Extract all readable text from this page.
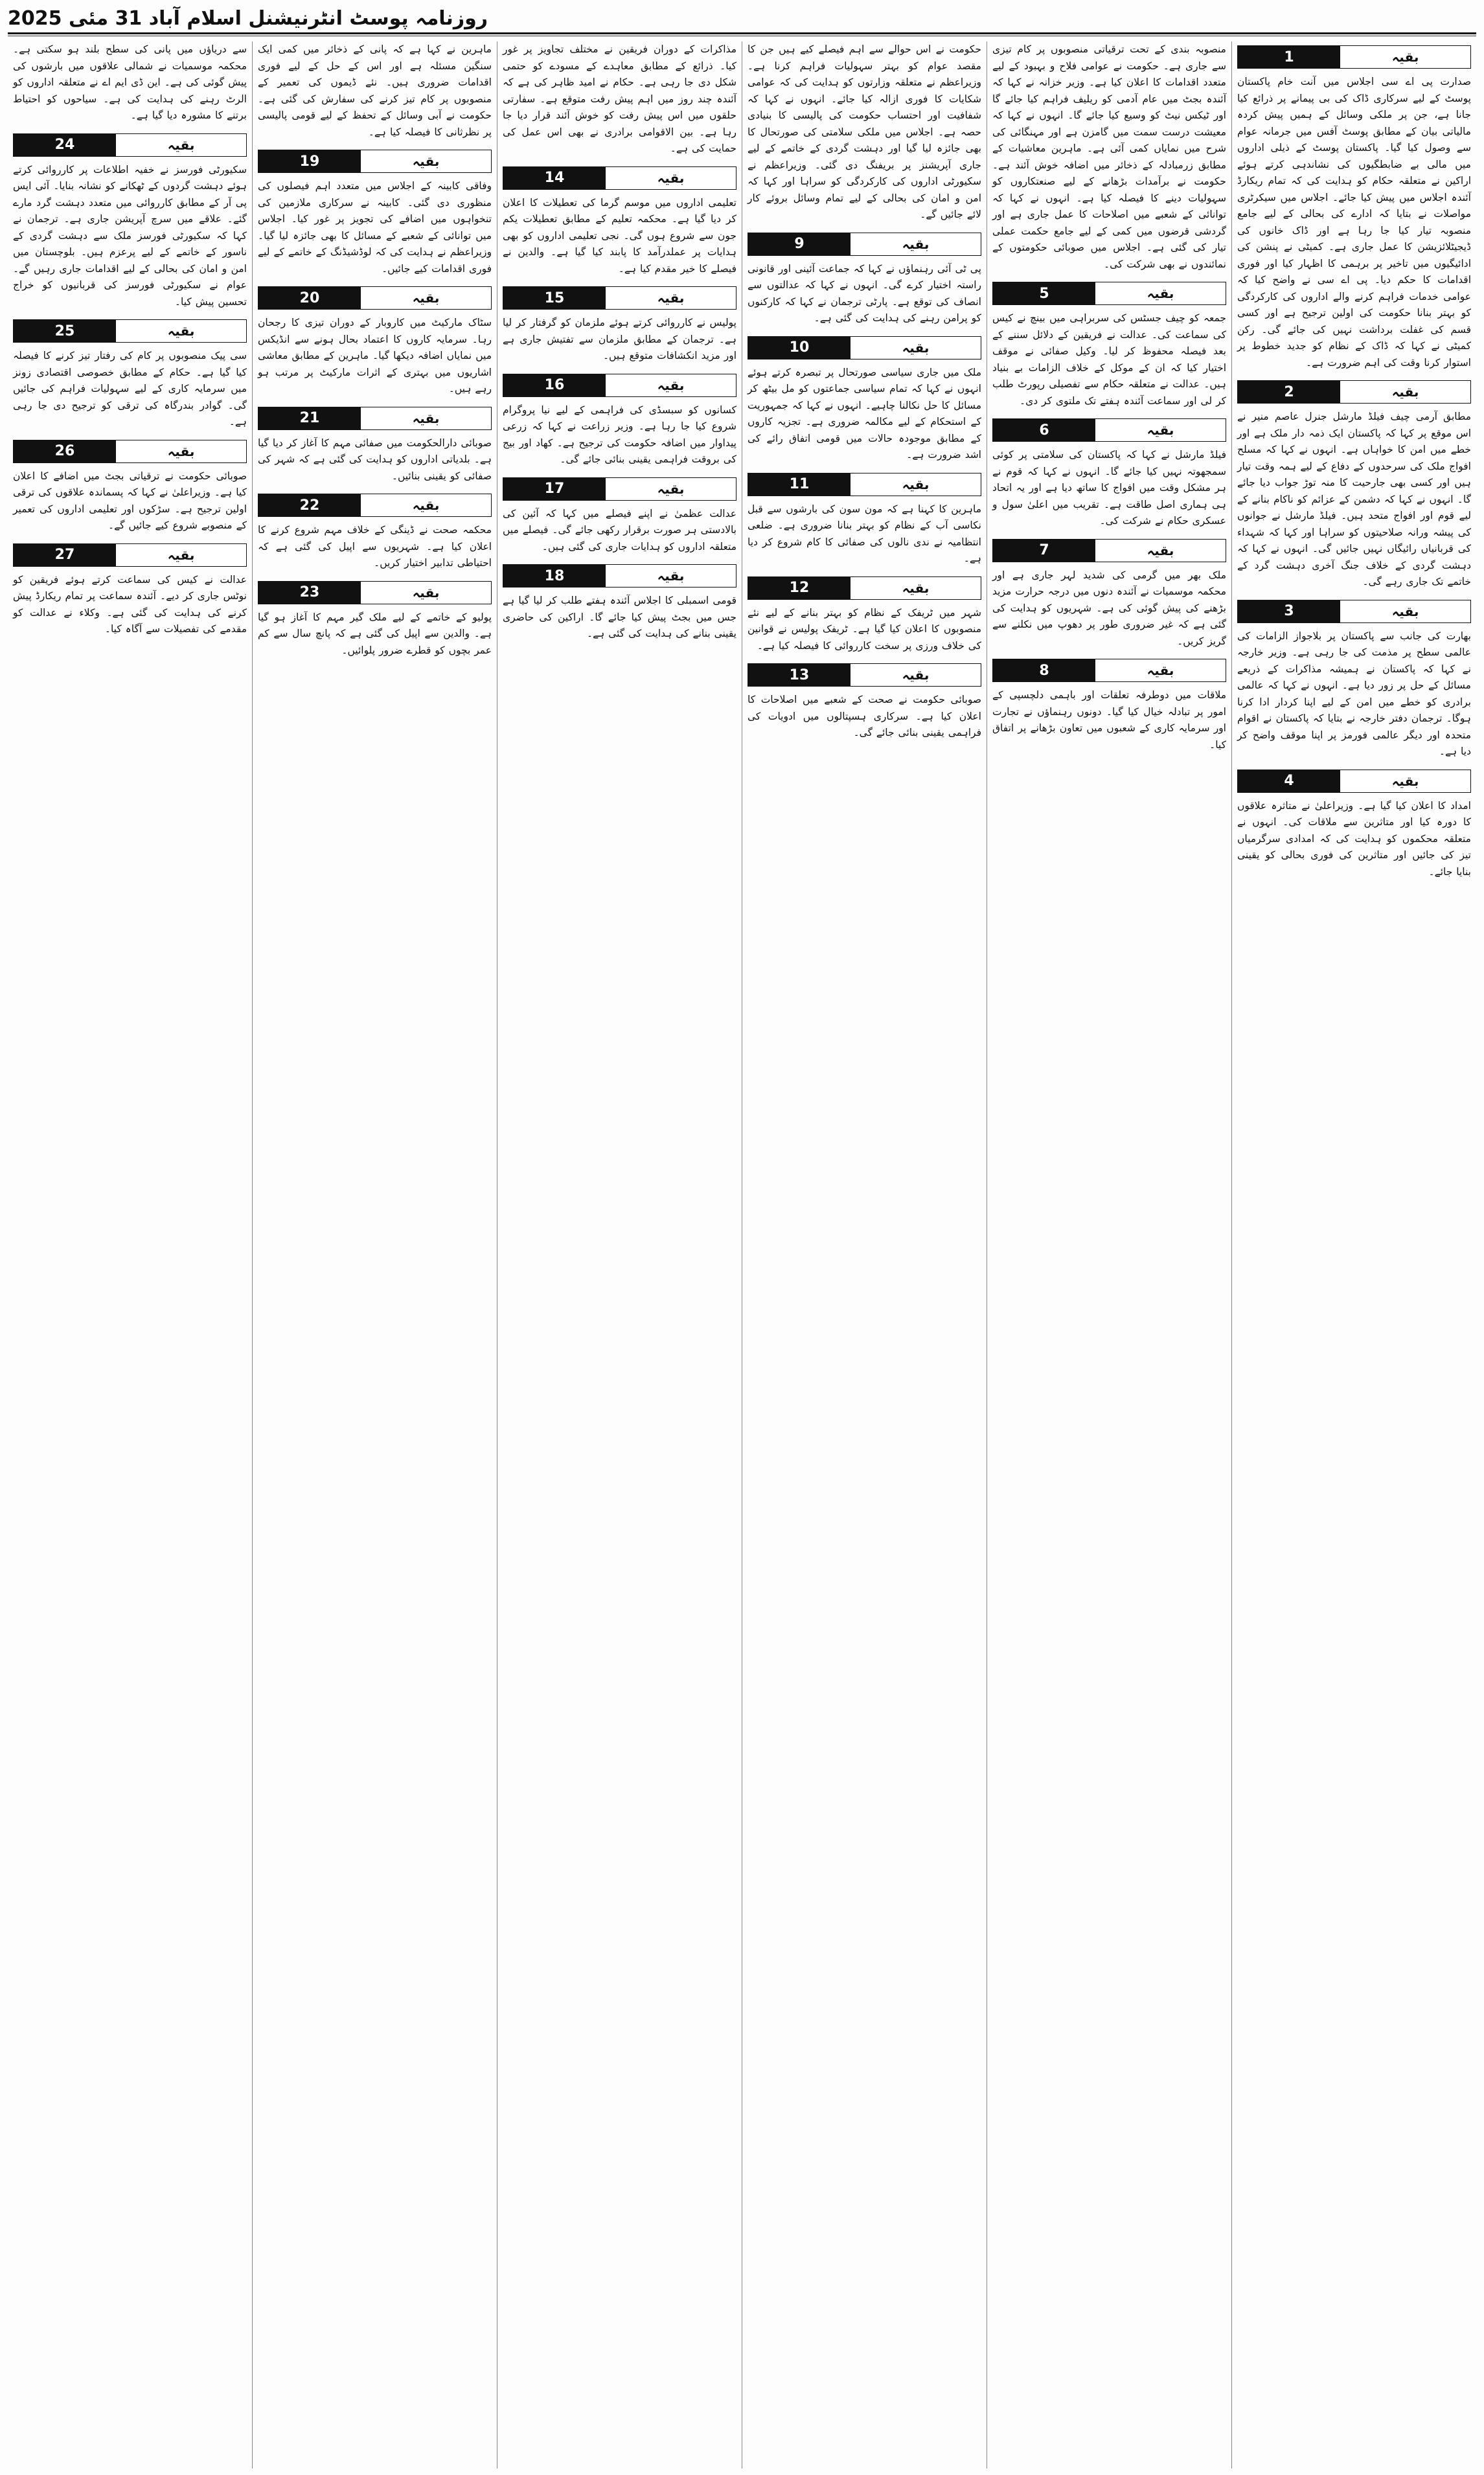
روزنامہ پوسٹ انٹرنیشنل اسلام آباد 31 مئی 2025
1	بقیہ

صدارت پی اے سی اجلاس میں آنت خام پاکستان پوسٹ کے لیے سرکاری ڈاک کی بی پیمانے پر ذرائع کیا جانا ہے، جن پر ملکی وسائل کے ہمیں پیش کردہ مالیاتی بیان کے مطابق پوسٹ آفس میں جرمانہ عوام سے وصول کیا گیا۔ پاکستان پوسٹ کے ذیلی اداروں میں مالی بے ضابطگیوں کی نشاندہی کرتے ہوئے اراکین نے متعلقہ حکام کو ہدایت کی کہ تمام ریکارڈ آئندہ اجلاس میں پیش کیا جائے۔ اجلاس میں سیکرٹری مواصلات نے بتایا کہ ادارے کی بحالی کے لیے جامع منصوبہ تیار کیا جا رہا ہے اور ڈاک خانوں کی ڈیجیٹلائزیشن کا عمل جاری ہے۔ کمیٹی نے پنشن کی ادائیگیوں میں تاخیر پر برہمی کا اظہار کیا اور فوری اقدامات کا حکم دیا۔ پی اے سی نے واضح کیا کہ عوامی خدمات فراہم کرنے والے اداروں کی کارکردگی کو بہتر بنانا حکومت کی اولین ترجیح ہے اور کسی قسم کی غفلت برداشت نہیں کی جائے گی۔ رکن کمیٹی نے کہا کہ ڈاک کے نظام کو جدید خطوط پر استوار کرنا وقت کی اہم ضرورت ہے۔

2	بقیہ

مطابق آرمی چیف فیلڈ مارشل جنرل عاصم منیر نے اس موقع پر کہا کہ پاکستان ایک ذمہ دار ملک ہے اور خطے میں امن کا خواہاں ہے۔ انہوں نے کہا کہ مسلح افواج ملک کی سرحدوں کے دفاع کے لیے ہمہ وقت تیار ہیں اور کسی بھی جارحیت کا منہ توڑ جواب دیا جائے گا۔ انہوں نے کہا کہ دشمن کے عزائم کو ناکام بنانے کے لیے قوم اور افواج متحد ہیں۔ فیلڈ مارشل نے جوانوں کی پیشہ ورانہ صلاحیتوں کو سراہا اور کہا کہ شہداء کی قربانیاں رائیگاں نہیں جائیں گی۔ انہوں نے کہا کہ دہشت گردی کے خلاف جنگ آخری دہشت گرد کے خاتمے تک جاری رہے گی۔

3	بقیہ

بھارت کی جانب سے پاکستان پر بلاجواز الزامات کی عالمی سطح پر مذمت کی جا رہی ہے۔ وزیر خارجہ نے کہا کہ پاکستان نے ہمیشہ مذاکرات کے ذریعے مسائل کے حل پر زور دیا ہے۔ انہوں نے کہا کہ عالمی برادری کو خطے میں امن کے لیے اپنا کردار ادا کرنا ہوگا۔ ترجمان دفتر خارجہ نے بتایا کہ پاکستان نے اقوام متحدہ اور دیگر عالمی فورمز پر اپنا موقف واضح کر دیا ہے۔

4	بقیہ

امداد کا اعلان کیا گیا ہے۔ وزیراعلیٰ نے متاثرہ علاقوں کا دورہ کیا اور متاثرین سے ملاقات کی۔ انہوں نے متعلقہ محکموں کو ہدایت کی کہ امدادی سرگرمیاں تیز کی جائیں اور متاثرین کی فوری بحالی کو یقینی بنایا جائے۔

منصوبہ بندی کے تحت ترقیاتی منصوبوں پر کام تیزی سے جاری ہے۔ حکومت نے عوامی فلاح و بہبود کے لیے متعدد اقدامات کا اعلان کیا ہے۔ وزیر خزانہ نے کہا کہ آئندہ بجٹ میں عام آدمی کو ریلیف فراہم کیا جائے گا اور ٹیکس نیٹ کو وسیع کیا جائے گا۔ انہوں نے کہا کہ معیشت درست سمت میں گامزن ہے اور مہنگائی کی شرح میں نمایاں کمی آئی ہے۔ ماہرین معاشیات کے مطابق زرمبادلہ کے ذخائر میں اضافہ خوش آئند ہے۔ حکومت نے برآمدات بڑھانے کے لیے صنعتکاروں کو سہولیات دینے کا فیصلہ کیا ہے۔ انہوں نے کہا کہ توانائی کے شعبے میں اصلاحات کا عمل جاری ہے اور گردشی قرضوں میں کمی کے لیے جامع حکمت عملی تیار کی گئی ہے۔ اجلاس میں صوبائی حکومتوں کے نمائندوں نے بھی شرکت کی۔

5	بقیہ

جمعہ کو چیف جسٹس کی سربراہی میں بینچ نے کیس کی سماعت کی۔ عدالت نے فریقین کے دلائل سننے کے بعد فیصلہ محفوظ کر لیا۔ وکیل صفائی نے موقف اختیار کیا کہ ان کے موکل کے خلاف الزامات بے بنیاد ہیں۔ عدالت نے متعلقہ حکام سے تفصیلی رپورٹ طلب کر لی اور سماعت آئندہ ہفتے تک ملتوی کر دی۔

6	بقیہ

فیلڈ مارشل نے کہا کہ پاکستان کی سلامتی پر کوئی سمجھوتہ نہیں کیا جائے گا۔ انہوں نے کہا کہ قوم نے ہر مشکل وقت میں افواج کا ساتھ دیا ہے اور یہ اتحاد ہی ہماری اصل طاقت ہے۔ تقریب میں اعلیٰ سول و عسکری حکام نے شرکت کی۔

7	بقیہ

ملک بھر میں گرمی کی شدید لہر جاری ہے اور محکمہ موسمیات نے آئندہ دنوں میں درجہ حرارت مزید بڑھنے کی پیش گوئی کی ہے۔ شہریوں کو ہدایت کی گئی ہے کہ غیر ضروری طور پر دھوپ میں نکلنے سے گریز کریں۔

8	بقیہ

ملاقات میں دوطرفہ تعلقات اور باہمی دلچسپی کے امور پر تبادلہ خیال کیا گیا۔ دونوں رہنماؤں نے تجارت اور سرمایہ کاری کے شعبوں میں تعاون بڑھانے پر اتفاق کیا۔

حکومت نے اس حوالے سے اہم فیصلے کیے ہیں جن کا مقصد عوام کو بہتر سہولیات فراہم کرنا ہے۔ وزیراعظم نے متعلقہ وزارتوں کو ہدایت کی کہ عوامی شکایات کا فوری ازالہ کیا جائے۔ انہوں نے کہا کہ شفافیت اور احتساب حکومت کی پالیسی کا بنیادی حصہ ہے۔ اجلاس میں ملکی سلامتی کی صورتحال کا بھی جائزہ لیا گیا اور دہشت گردی کے خاتمے کے لیے جاری آپریشنز پر بریفنگ دی گئی۔ وزیراعظم نے سکیورٹی اداروں کی کارکردگی کو سراہا اور کہا کہ امن و امان کی بحالی کے لیے تمام وسائل بروئے کار لائے جائیں گے۔

9	بقیہ

پی ٹی آئی رہنماؤں نے کہا کہ جماعت آئینی اور قانونی راستہ اختیار کرے گی۔ انہوں نے کہا کہ عدالتوں سے انصاف کی توقع ہے۔ پارٹی ترجمان نے کہا کہ کارکنوں کو پرامن رہنے کی ہدایت کی گئی ہے۔

10	بقیہ

ملک میں جاری سیاسی صورتحال پر تبصرہ کرتے ہوئے انہوں نے کہا کہ تمام سیاسی جماعتوں کو مل بیٹھ کر مسائل کا حل نکالنا چاہیے۔ انہوں نے کہا کہ جمہوریت کے استحکام کے لیے مکالمہ ضروری ہے۔ تجزیہ کاروں کے مطابق موجودہ حالات میں قومی اتفاق رائے کی اشد ضرورت ہے۔

11	بقیہ

ماہرین کا کہنا ہے کہ مون سون کی بارشوں سے قبل نکاسی آب کے نظام کو بہتر بنانا ضروری ہے۔ ضلعی انتظامیہ نے ندی نالوں کی صفائی کا کام شروع کر دیا ہے۔

12	بقیہ

شہر میں ٹریفک کے نظام کو بہتر بنانے کے لیے نئے منصوبوں کا اعلان کیا گیا ہے۔ ٹریفک پولیس نے قوانین کی خلاف ورزی پر سخت کارروائی کا فیصلہ کیا ہے۔

13	بقیہ

صوبائی حکومت نے صحت کے شعبے میں اصلاحات کا اعلان کیا ہے۔ سرکاری ہسپتالوں میں ادویات کی فراہمی یقینی بنائی جائے گی۔

مذاکرات کے دوران فریقین نے مختلف تجاویز پر غور کیا۔ ذرائع کے مطابق معاہدے کے مسودے کو حتمی شکل دی جا رہی ہے۔ حکام نے امید ظاہر کی ہے کہ آئندہ چند روز میں اہم پیش رفت متوقع ہے۔ سفارتی حلقوں میں اس پیش رفت کو خوش آئند قرار دیا جا رہا ہے۔ بین الاقوامی برادری نے بھی اس عمل کی حمایت کی ہے۔

14	بقیہ

تعلیمی اداروں میں موسم گرما کی تعطیلات کا اعلان کر دیا گیا ہے۔ محکمہ تعلیم کے مطابق تعطیلات یکم جون سے شروع ہوں گی۔ نجی تعلیمی اداروں کو بھی ہدایات پر عملدرآمد کا پابند کیا گیا ہے۔ والدین نے فیصلے کا خیر مقدم کیا ہے۔

15	بقیہ

پولیس نے کارروائی کرتے ہوئے ملزمان کو گرفتار کر لیا ہے۔ ترجمان کے مطابق ملزمان سے تفتیش جاری ہے اور مزید انکشافات متوقع ہیں۔

16	بقیہ

کسانوں کو سبسڈی کی فراہمی کے لیے نیا پروگرام شروع کیا جا رہا ہے۔ وزیر زراعت نے کہا کہ زرعی پیداوار میں اضافہ حکومت کی ترجیح ہے۔ کھاد اور بیج کی بروقت فراہمی یقینی بنائی جائے گی۔

17	بقیہ

عدالت عظمیٰ نے اپنے فیصلے میں کہا کہ آئین کی بالادستی ہر صورت برقرار رکھی جائے گی۔ فیصلے میں متعلقہ اداروں کو ہدایات جاری کی گئی ہیں۔

18	بقیہ

قومی اسمبلی کا اجلاس آئندہ ہفتے طلب کر لیا گیا ہے جس میں بجٹ پیش کیا جائے گا۔ اراکین کی حاضری یقینی بنانے کی ہدایت کی گئی ہے۔

ماہرین نے کہا ہے کہ پانی کے ذخائر میں کمی ایک سنگین مسئلہ ہے اور اس کے حل کے لیے فوری اقدامات ضروری ہیں۔ نئے ڈیموں کی تعمیر کے منصوبوں پر کام تیز کرنے کی سفارش کی گئی ہے۔ حکومت نے آبی وسائل کے تحفظ کے لیے قومی پالیسی پر نظرثانی کا فیصلہ کیا ہے۔

19	بقیہ

وفاقی کابینہ کے اجلاس میں متعدد اہم فیصلوں کی منظوری دی گئی۔ کابینہ نے سرکاری ملازمین کی تنخواہوں میں اضافے کی تجویز پر غور کیا۔ اجلاس میں توانائی کے شعبے کے مسائل کا بھی جائزہ لیا گیا۔ وزیراعظم نے ہدایت کی کہ لوڈشیڈنگ کے خاتمے کے لیے فوری اقدامات کیے جائیں۔

20	بقیہ

سٹاک مارکیٹ میں کاروبار کے دوران تیزی کا رجحان رہا۔ سرمایہ کاروں کا اعتماد بحال ہونے سے انڈیکس میں نمایاں اضافہ دیکھا گیا۔ ماہرین کے مطابق معاشی اشاریوں میں بہتری کے اثرات مارکیٹ پر مرتب ہو رہے ہیں۔

21	بقیہ

صوبائی دارالحکومت میں صفائی مہم کا آغاز کر دیا گیا ہے۔ بلدیاتی اداروں کو ہدایت کی گئی ہے کہ شہر کی صفائی کو یقینی بنائیں۔

22	بقیہ

محکمہ صحت نے ڈینگی کے خلاف مہم شروع کرنے کا اعلان کیا ہے۔ شہریوں سے اپیل کی گئی ہے کہ احتیاطی تدابیر اختیار کریں۔

23	بقیہ

پولیو کے خاتمے کے لیے ملک گیر مہم کا آغاز ہو گیا ہے۔ والدین سے اپیل کی گئی ہے کہ پانچ سال سے کم عمر بچوں کو قطرے ضرور پلوائیں۔

سے دریاؤں میں پانی کی سطح بلند ہو سکتی ہے۔ محکمہ موسمیات نے شمالی علاقوں میں بارشوں کی پیش گوئی کی ہے۔ این ڈی ایم اے نے متعلقہ اداروں کو الرٹ رہنے کی ہدایت کی ہے۔ سیاحوں کو احتیاط برتنے کا مشورہ دیا گیا ہے۔

24	بقیہ

سکیورٹی فورسز نے خفیہ اطلاعات پر کارروائی کرتے ہوئے دہشت گردوں کے ٹھکانے کو نشانہ بنایا۔ آئی ایس پی آر کے مطابق کارروائی میں متعدد دہشت گرد مارے گئے۔ علاقے میں سرچ آپریشن جاری ہے۔ ترجمان نے کہا کہ سکیورٹی فورسز ملک سے دہشت گردی کے ناسور کے خاتمے کے لیے پرعزم ہیں۔ بلوچستان میں امن و امان کی بحالی کے لیے اقدامات جاری رہیں گے۔ عوام نے سکیورٹی فورسز کی قربانیوں کو خراج تحسین پیش کیا۔

25	بقیہ

سی پیک منصوبوں پر کام کی رفتار تیز کرنے کا فیصلہ کیا گیا ہے۔ حکام کے مطابق خصوصی اقتصادی زونز میں سرمایہ کاری کے لیے سہولیات فراہم کی جائیں گی۔ گوادر بندرگاہ کی ترقی کو ترجیح دی جا رہی ہے۔

26	بقیہ

صوبائی حکومت نے ترقیاتی بجٹ میں اضافے کا اعلان کیا ہے۔ وزیراعلیٰ نے کہا کہ پسماندہ علاقوں کی ترقی اولین ترجیح ہے۔ سڑکوں اور تعلیمی اداروں کی تعمیر کے منصوبے شروع کیے جائیں گے۔

27	بقیہ

عدالت نے کیس کی سماعت کرتے ہوئے فریقین کو نوٹس جاری کر دیے۔ آئندہ سماعت پر تمام ریکارڈ پیش کرنے کی ہدایت کی گئی ہے۔ وکلاء نے عدالت کو مقدمے کی تفصیلات سے آگاہ کیا۔
